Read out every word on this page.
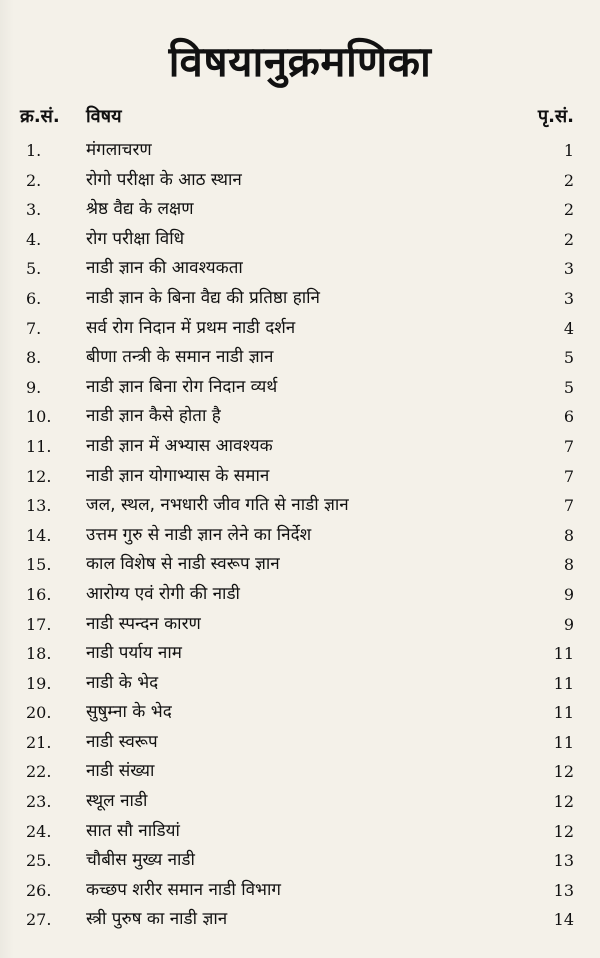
विषयानुक्रमणिका
क्र.सं. विषय	पृ.सं.
1.	मंगलाचरण	1
2.	रोगो परीक्षा के आठ स्थान	2
3.	श्रेष्ठ वैद्य के लक्षण	2
4.	रोग परीक्षा विधि	2
5.	नाडी ज्ञान की आवश्यकता	3
6.	नाडी ज्ञान के बिना वैद्य की प्रतिष्ठा हानि	3
7.	सर्व रोग निदान में प्रथम नाडी दर्शन	4
8.	बीणा तन्त्री के समान नाडी ज्ञान	5
9.	नाडी ज्ञान बिना रोग निदान व्यर्थ	5
10. नाडी ज्ञान कैसे होता है	6
11. नाडी ज्ञान में अभ्यास आवश्यक	7
12. नाडी ज्ञान योगाभ्यास के समान	7
13. जल, स्थल, नभधारी जीव गति से नाडी ज्ञान	7
14. उत्तम गुरु से नाडी ज्ञान लेने का निर्देश	8
15. काल विशेष से नाडी स्वरूप ज्ञान	8
16. आरोग्य एवं रोगी की नाडी	9
17. नाडी स्पन्दन कारण	9
18. नाडी पर्याय नाम	11
19. नाडी के भेद	11
20. सुषुम्ना के भेद	11
21. नाडी स्वरूप	11
22. नाडी संख्या	12
23. स्थूल नाडी	12
24. सात सौ नाडियां	12
25. चौबीस मुख्य नाडी	13
26. कच्छप शरीर समान नाडी विभाग	13
27. स्त्री पुरुष का नाडी ज्ञान	14
